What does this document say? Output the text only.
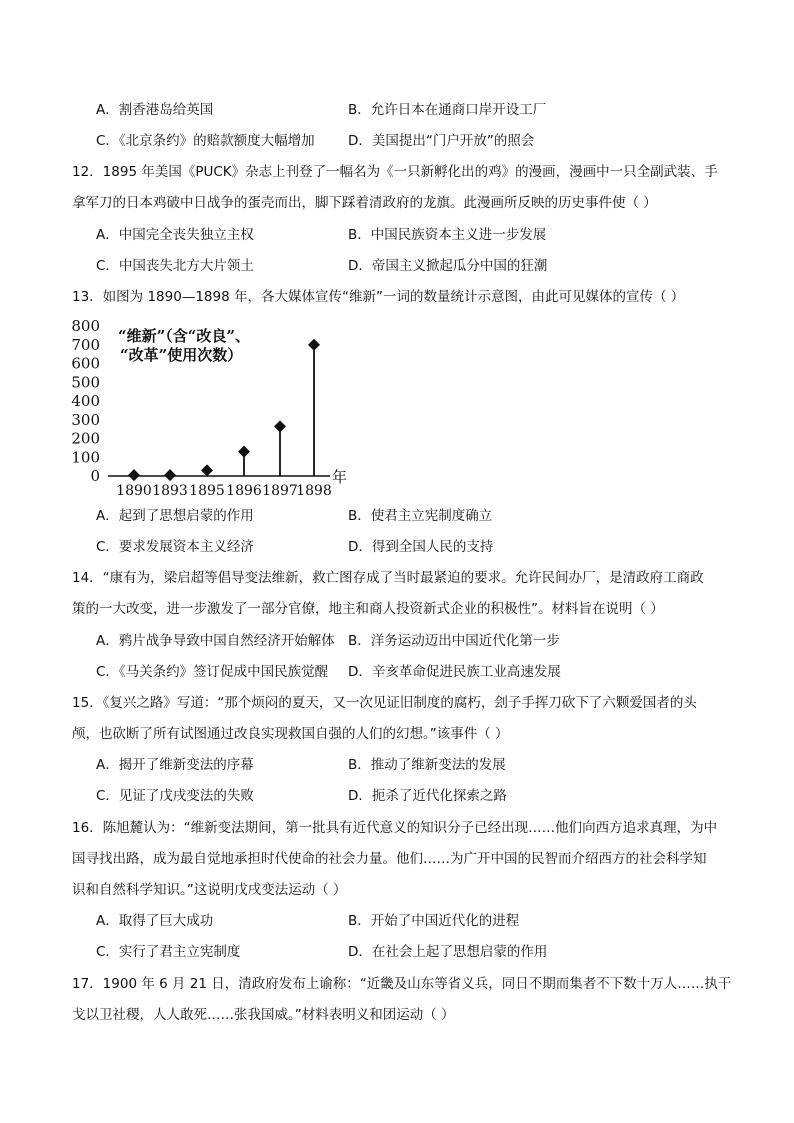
A．割香港岛给英国	B．允许日本在通商口岸开设工厂
C．《北京条约》的赔款额度大幅增加 D．美国提出“门户开放”的照会
12．1895 年美国《PUCK》杂志上刊登了一幅名为《一只新孵化出的鸡》的漫画，漫画中一只全副武装、手
拿军刀的日本鸡破中日战争的蛋壳而出，脚下踩着清政府的龙旗。此漫画所反映的历史事件使（ ）
A．中国完全丧失独立主权	B．中国民族资本主义进一步发展
C．中国丧失北方大片领土	D．帝国主义掀起瓜分中国的狂潮
13．如图为 1890—1898 年，各大媒体宣传“维新”一词的数量统计示意图，由此可见媒体的宣传（ ）
0
100
200
300
400
500
600
700
800
1890 1893 1895 1896 1897
1898
年
“维新”（含“改良”、
“改革”使用次数）
A．起到了思想启蒙的作用	B．使君主立宪制度确立
C．要求发展资本主义经济	D．得到全国人民的支持
14．“康有为，梁启超等倡导变法维新，救亡图存成了当时最紧迫的要求。允许民间办厂，是清政府工商政
策的一大改变，进一步激发了一部分官僚，地主和商人投资新式企业的积极性”。材料旨在说明（ ）
A．鸦片战争导致中国自然经济开始解体 B．洋务运动迈出中国近代化第一步
C．《马关条约》签订促成中国民族觉醒 D．辛亥革命促进民族工业高速发展
15．《复兴之路》写道：“那个烦闷的夏天，又一次见证旧制度的腐朽，刽子手挥刀砍下了六颗爱国者的头
颅，也砍断了所有试图通过改良实现救国自强的人们的幻想。”该事件（ ）
A．揭开了维新变法的序幕	B．推动了维新变法的发展
C．见证了戊戌变法的失败	D．扼杀了近代化探索之路
16．陈旭麓认为：“维新变法期间，第一批具有近代意义的知识分子已经出现……他们向西方追求真理，为中
国寻找出路，成为最自觉地承担时代使命的社会力量。他们……为广开中国的民智而介绍西方的社会科学知
识和自然科学知识。”这说明戊戌变法运动（ ）
A．取得了巨大成功	B．开始了中国近代化的进程
C．实行了君主立宪制度	D．在社会上起了思想启蒙的作用
17．1900 年 6 月 21 日，清政府发布上谕称：“近畿及山东等省义兵，同日不期而集者不下数十万人……执干
戈以卫社稷，人人敢死……张我国威。”材料表明义和团运动（ ）
